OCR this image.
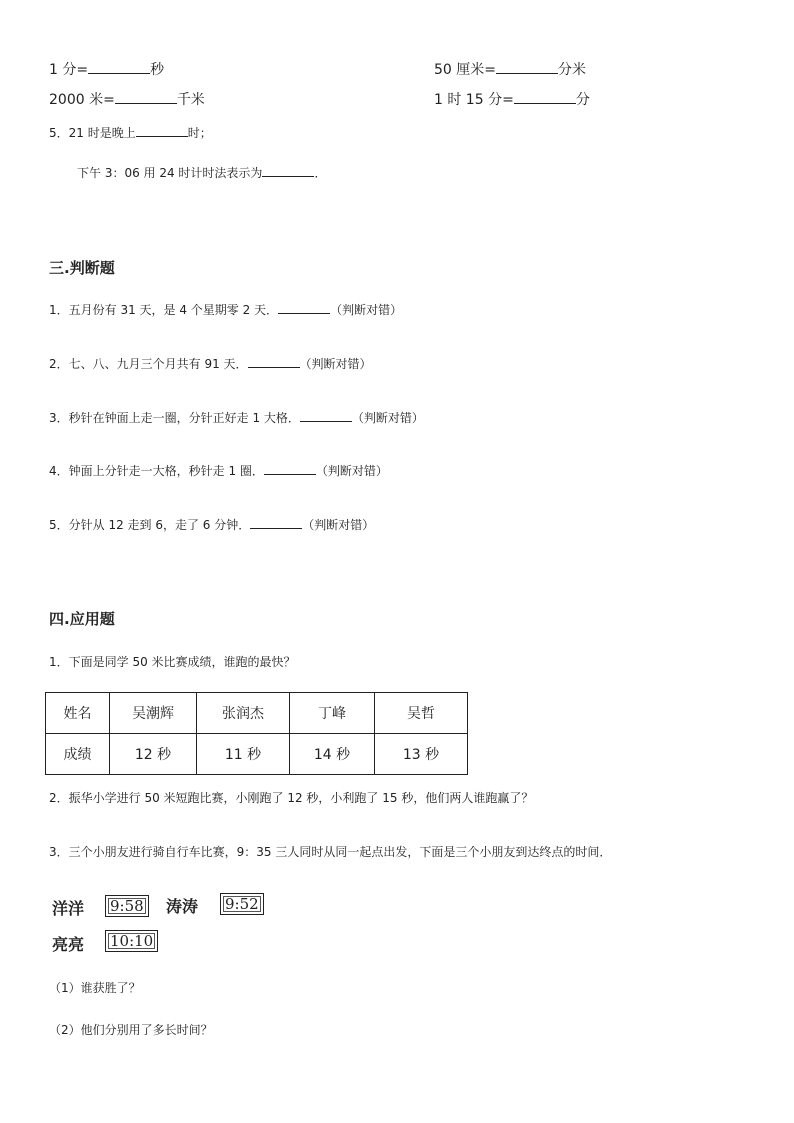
1 分=	秒	50 厘米=	分米
2000 米=	千米	1 时 15 分=	分
5．21 时是晚上	时；
下午 3：06 用 24 时计时法表示为	．
三.判断题
1．五月份有 31 天，是 4 个星期零 2 天．	（判断对错）
2．七、八、九月三个月共有 91 天．	（判断对错）
3．秒针在钟面上走一圈，分针正好走 1 大格．	（判断对错）
4．钟面上分针走一大格，秒针走 1 圈．	（判断对错）
5．分针从 12 走到 6，走了 6 分钟．	（判断对错）
四.应用题
1．下面是同学 50 米比赛成绩，谁跑的最快？
姓名	吴潮辉	张润杰	丁峰	吴哲
成绩	12 秒	11 秒	14 秒	13 秒
2．振华小学进行 50 米短跑比赛，小刚跑了 12 秒，小利跑了 15 秒，他们两人谁跑赢了？
3．三个小朋友进行骑自行车比赛，9：35 三人同时从同一起点出发，下面是三个小朋友到达终点的时间．
洋洋	9:58	涛涛	9:52
亮亮	10:10
（1）谁获胜了？
（2）他们分别用了多长时间？
